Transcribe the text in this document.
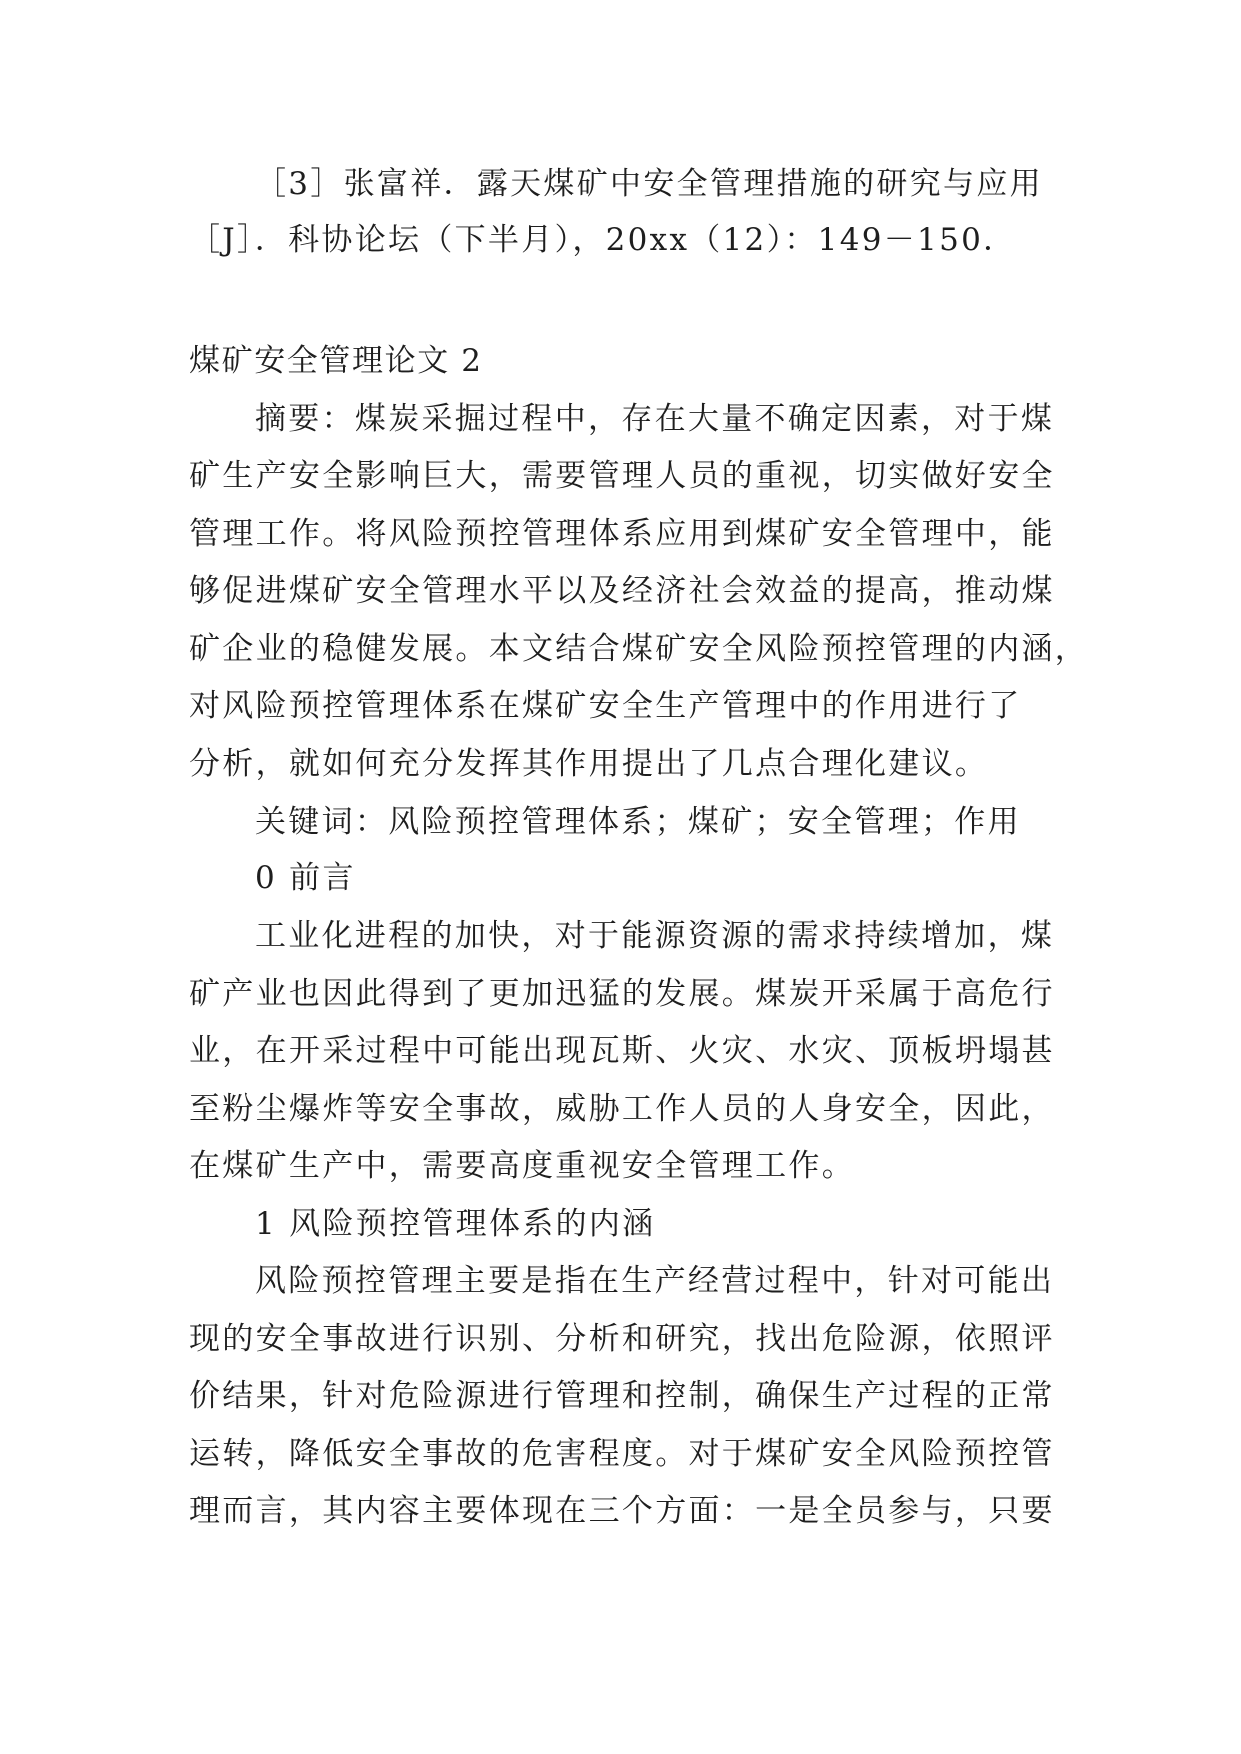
［3］张富祥．露天煤矿中安全管理措施的研究与应用

［J］．科协论坛（下半月），20xx（12）：149－150．

煤矿安全管理论文 2

摘要：煤炭采掘过程中，存在大量不确定因素，对于煤

矿生产安全影响巨大，需要管理人员的重视，切实做好安全

管理工作。将风险预控管理体系应用到煤矿安全管理中，能

够促进煤矿安全管理水平以及经济社会效益的提高，推动煤

矿企业的稳健发展。本文结合煤矿安全风险预控管理的内涵，

对风险预控管理体系在煤矿安全生产管理中的作用进行了

分析，就如何充分发挥其作用提出了几点合理化建议。

关键词：风险预控管理体系；煤矿；安全管理；作用

0 前言

工业化进程的加快，对于能源资源的需求持续增加，煤

矿产业也因此得到了更加迅猛的发展。煤炭开采属于高危行

业，在开采过程中可能出现瓦斯、火灾、水灾、顶板坍塌甚

至粉尘爆炸等安全事故，威胁工作人员的人身安全，因此，

在煤矿生产中，需要高度重视安全管理工作。

1 风险预控管理体系的内涵

风险预控管理主要是指在生产经营过程中，针对可能出

现的安全事故进行识别、分析和研究，找出危险源，依照评

价结果，针对危险源进行管理和控制，确保生产过程的正常

运转，降低安全事故的危害程度。对于煤矿安全风险预控管

理而言，其内容主要体现在三个方面：一是全员参与，只要
